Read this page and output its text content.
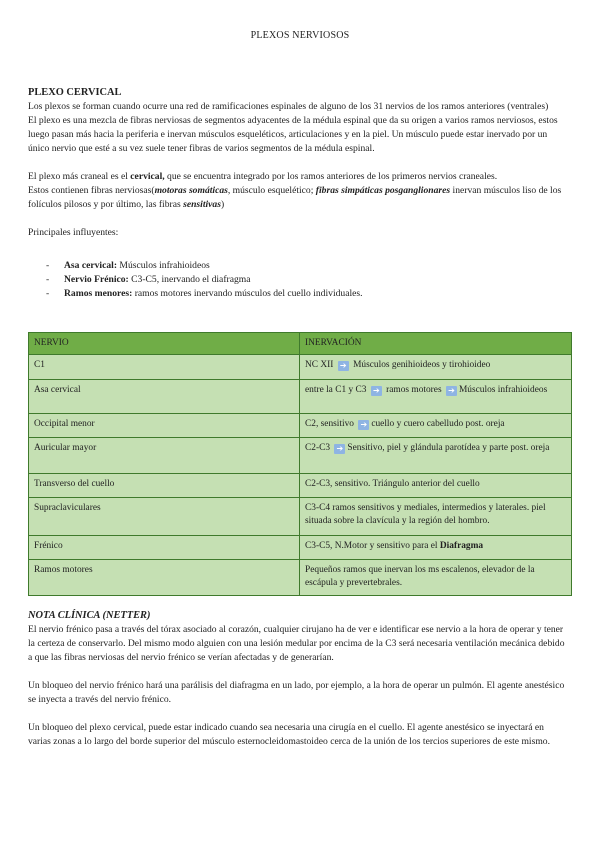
PLEXOS NERVIOSOS
PLEXO CERVICAL

Los plexos se forman cuando ocurre una red de ramificaciones espinales de alguno de los 31 nervios de los ramos anteriores (ventrales)

El plexo es una mezcla de fibras nerviosas de segmentos adyacentes de la médula espinal que da su origen a varios ramos nerviosos, estos luego pasan más hacia la periferia e inervan músculos esqueléticos, articulaciones y en la piel. Un músculo puede estar inervado por un único nervio que esté a su vez suele tener fibras de varios segmentos de la médula espinal.

El plexo más craneal es el cervical, que se encuentra integrado por los ramos anteriores de los primeros nervios craneales.

Estos contienen fibras nerviosas(motoras somáticas, músculo esquelético; fibras simpáticas posganglionares inervan músculos liso de los folículos pilosos y por último, las fibras sensitivas)

Principales influyentes:

- Asa cervical: Músculos infrahioideos
- Nervio Frénico: C3-C5, inervando el diafragma
- Ramos menores: ramos motores inervando músculos del cuello individuales.
NERVIO	INERVACIÓN
C1	NC XII ➔ Músculos genihioideos y tirohioideo
Asa cervical	entre la C1 y C3 ➔ ramos motores ➔ Músculos infrahioideos
Occipital menor	C2, sensitivo ➔ cuello y cuero cabelludo post. oreja
Auricular mayor	C2-C3 ➔ Sensitivo, piel y glándula parotídea y parte post. oreja
Transverso del cuello	C2-C3, sensitivo. Triángulo anterior del cuello
Supraclaviculares	C3-C4 ramos sensitivos y mediales, intermedios y laterales. piel situada sobre la clavícula y la región del hombro.
Frénico	C3-C5, N.Motor y sensitivo para el Diafragma
Ramos motores	Pequeños ramos que inervan los ms escalenos, elevador de la escápula y prevertebrales.
NOTA CLÍNICA (NETTER)

El nervio frénico pasa a través del tórax asociado al corazón, cualquier cirujano ha de ver e identificar ese nervio a la hora de operar y tener la certeza de conservarlo. Del mismo modo alguien con una lesión medular por encima de la C3 será necesaria ventilación mecánica debido a que las fibras nerviosas del nervio frénico se verían afectadas y de generarían.

Un bloqueo del nervio frénico hará una parálisis del diafragma en un lado, por ejemplo, a la hora de operar un pulmón. El agente anestésico se inyecta a través del nervio frénico.

Un bloqueo del plexo cervical, puede estar indicado cuando sea necesaria una cirugía en el cuello. El agente anestésico se inyectará en varias zonas a lo largo del borde superior del músculo esternocleidomastoideo cerca de la unión de los tercios superiores de este mismo.
